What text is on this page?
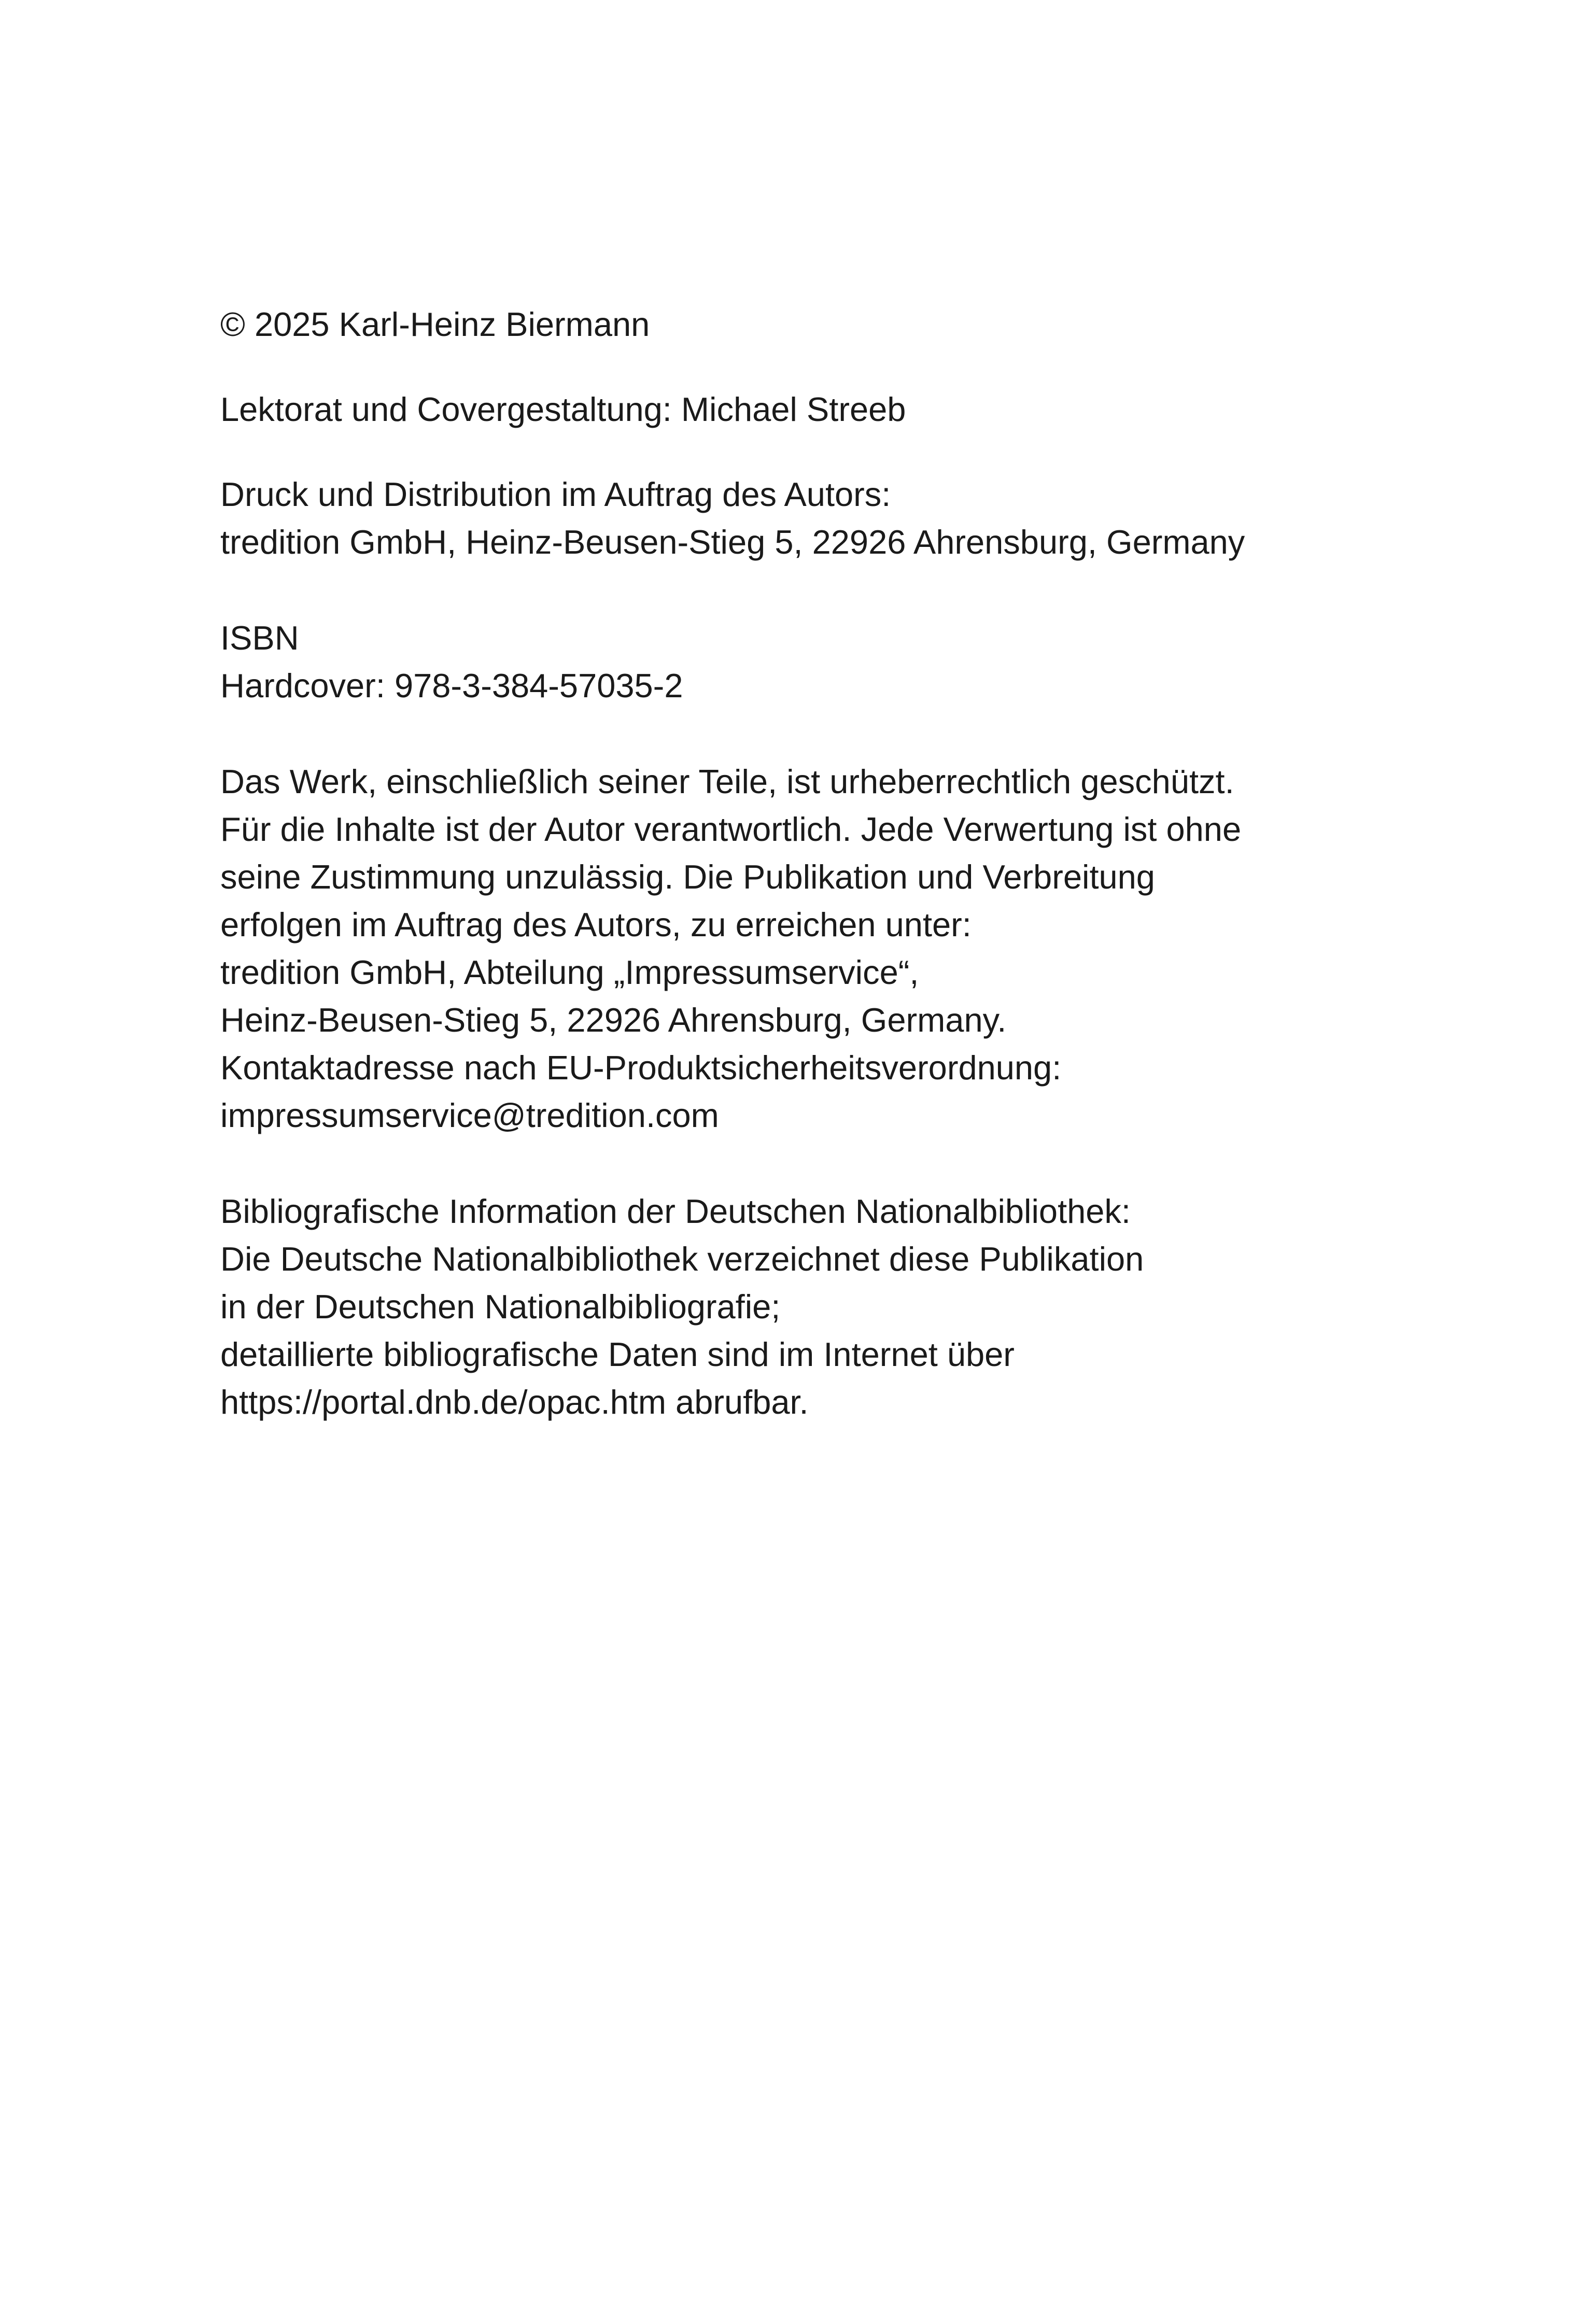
© 2025 Karl-Heinz Biermann

Lektorat und Covergestaltung: Michael Streeb

Druck und Distribution im Auftrag des Autors:

tredition GmbH, Heinz-Beusen-Stieg 5, 22926 Ahrensburg, Germany

ISBN

Hardcover: 978-3-384-57035-2

Das Werk, einschließlich seiner Teile, ist urheberrechtlich geschützt.

Für die Inhalte ist der Autor verantwortlich. Jede Verwertung ist ohne

seine Zustimmung unzulässig. Die Publikation und Verbreitung

erfolgen im Auftrag des Autors, zu erreichen unter:

tredition GmbH, Abteilung „Impressumservice“,

Heinz-Beusen-Stieg 5, 22926 Ahrensburg, Germany.

Kontaktadresse nach EU-Produktsicherheitsverordnung:

impressumservice@tredition.com

Bibliografische Information der Deutschen Nationalbibliothek:

Die Deutsche Nationalbibliothek verzeichnet diese Publikation

in der Deutschen Nationalbibliografie;

detaillierte bibliografische Daten sind im Internet über

https://portal.dnb.de/opac.htm abrufbar.
